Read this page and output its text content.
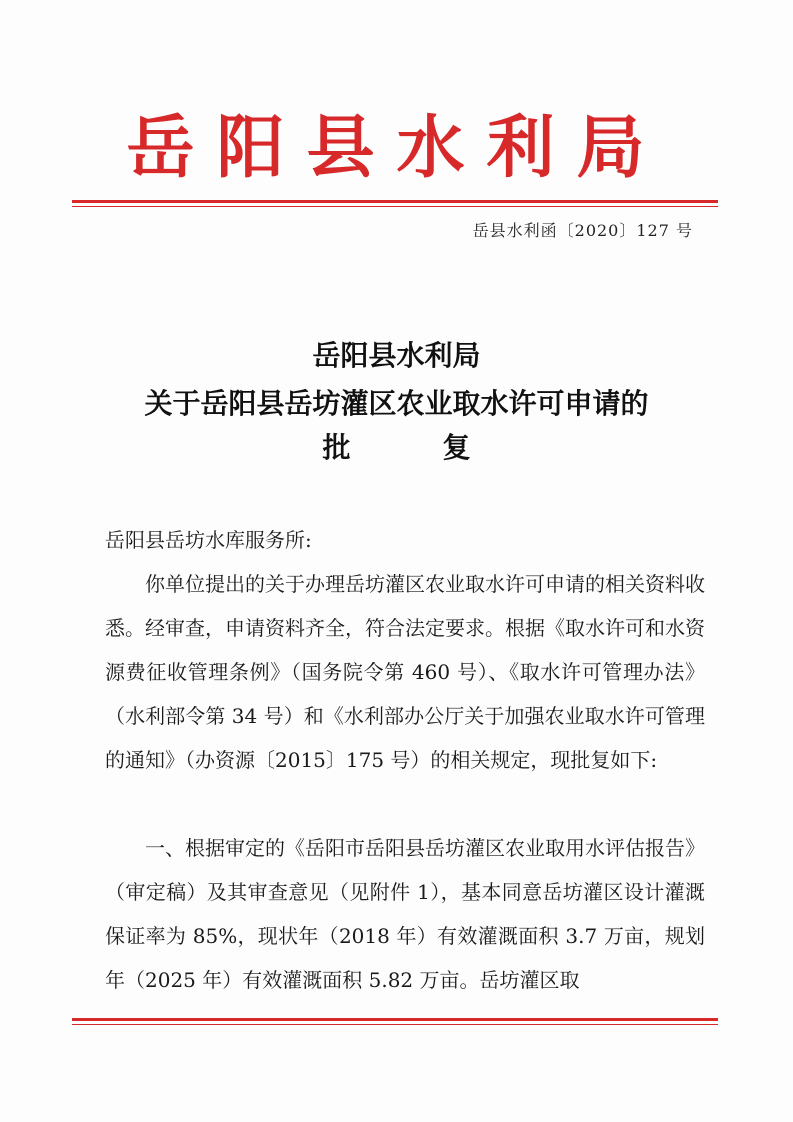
岳阳县水利局
岳县水利函〔2020〕127 号
岳阳县水利局
关于岳阳县岳坊灌区农业取水许可申请的
批	复
岳阳县岳坊水库服务所:

你单位提出的关于办理岳坊灌区农业取水许可申请的相关资料收悉。经审查，申请资料齐全，符合法定要求。根据《取水许可和水资源费征收管理条例》（国务院令第 460 号）、《取水许可管理办法》（水利部令第 34 号）和《水利部办公厅关于加强农业取水许可管理的通知》（办资源〔2015〕175 号）的相关规定，现批复如下:

一、根据审定的《岳阳市岳阳县岳坊灌区农业取用水评估报告》（审定稿）及其审查意见（见附件 1），基本同意岳坊灌区设计灌溉保证率为 85%，现状年（2018 年）有效灌溉面积 3.7 万亩，规划年（2025 年）有效灌溉面积 5.82 万亩。岳坊灌区取
